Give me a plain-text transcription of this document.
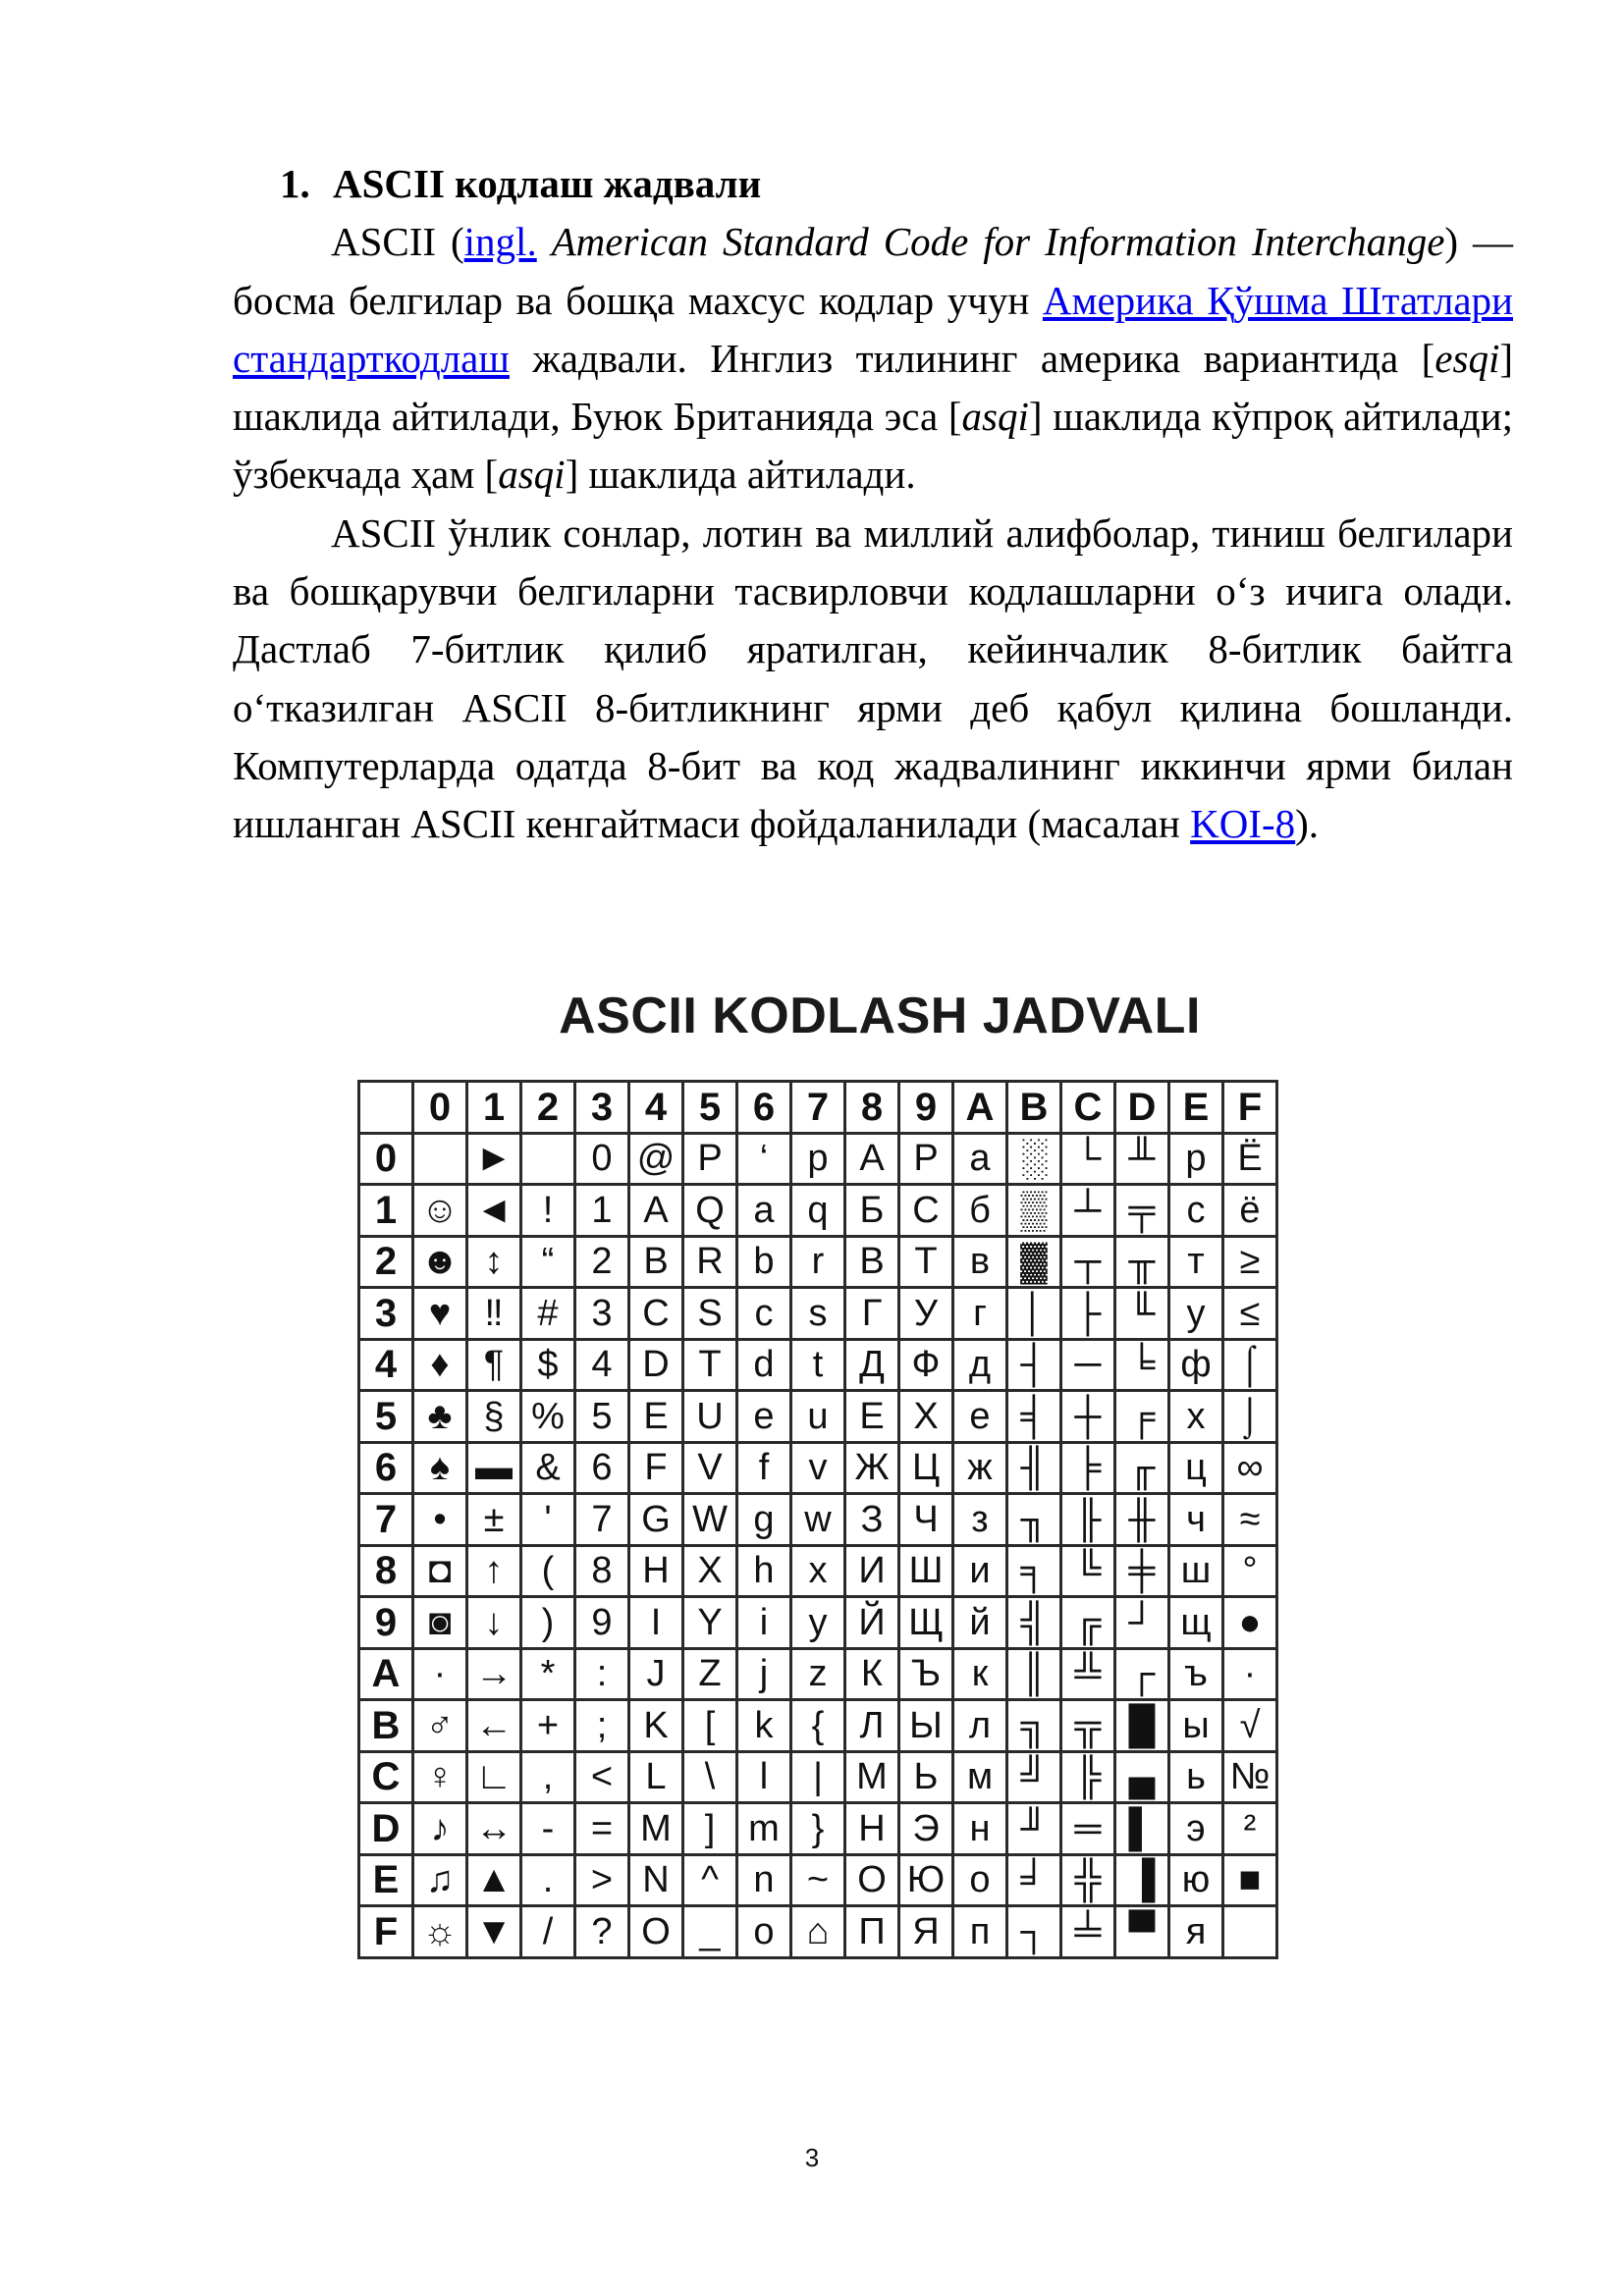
1. ASCII кодлаш жадвали

ASCII (ingl. American Standard Code for Information Interchange) — босма белгилар ва бошқа махсус кодлар учун Америка Қўшма Штатлари стандарткодлаш жадвали. Инглиз тилининг америка вариантида [esqi] шаклида айтилади, Буюк Британияда эса [asqi] шаклида кўпроқ айтилади; ўзбекчада ҳам [asqi] шаклида айтилади.

ASCII ўнлик сонлар, лотин ва миллий алифболар, тиниш белгилари ва бошқарувчи белгиларни тасвирловчи кодлашларни оʻз ичига олади. Дастлаб 7-битлик қилиб яратилган, кейинчалик 8-битлик байтга оʻтказилган ASCII 8-битликнинг ярми деб қабул қилина бошланди. Компутерларда одатда 8-бит ва код жадвалининг иккинчи ярми билан ишланган ASCII кенгайтмаси фойдаланилади (масалан KOI-8).

ASCII KODLASH JADVALI
	0	1	2	3	4	5	6	7	8	9	A	B	C	D	E	F
0		►		0	@	P	‘	p	A	P	a	░	└	╨	p	Ё
1	☺	◄	!	1	A	Q	a	q	Б	С	б	▒	┴	╤	с	ё
2	☻	↕	“	2	B	R	b	r	В	Т	в	▓	┬	╥	т	≥
3	♥	‼	#	3	C	S	c	s	Г	У	г	│	├	╙	у	≤
4	♦	¶	$	4	D	T	d	t	Д	Ф	д	┤	─	╘	ф	⌠
5	♣	§	%	5	E	U	e	u	Е	Х	е	╡	┼	╒	х	⌡
6	♠	▬	&	6	F	V	f	v	Ж	Ц	ж	╢	╞	╓	ц	∞
7	•	±	'	7	G	W	g	w	З	Ч	з	╖	╟	╫	ч	≈
8	◘	↑	(	8	H	X	h	x	И	Ш	и	╕	╚	╪	ш	°
9	◙	↓	)	9	I	Y	i	y	Й	Щ	й	╣	╔	┘	щ	●
A	·	→	*	:	J	Z	j	z	К	Ъ	к	║	╩	┌	ъ	·
B	♂	←	+	;	K	[	k	{	Л	Ы	л	╗	╦	█	ы	√
C	♀	∟	,	<	L	\	l	|	М	Ь	м	╝	╠	▄	ь	№
D	♪	↔	-	=	M	]	m	}	Н	Э	н	╜	═	▌	э	²
E	♫	▲	.	>	N	^	n	~	О	Ю	о	╛	╬	▐	ю	■
F	☼	▼	/	?	O	_	o	⌂	П	Я	п	┐	╧	▀	я	
3
